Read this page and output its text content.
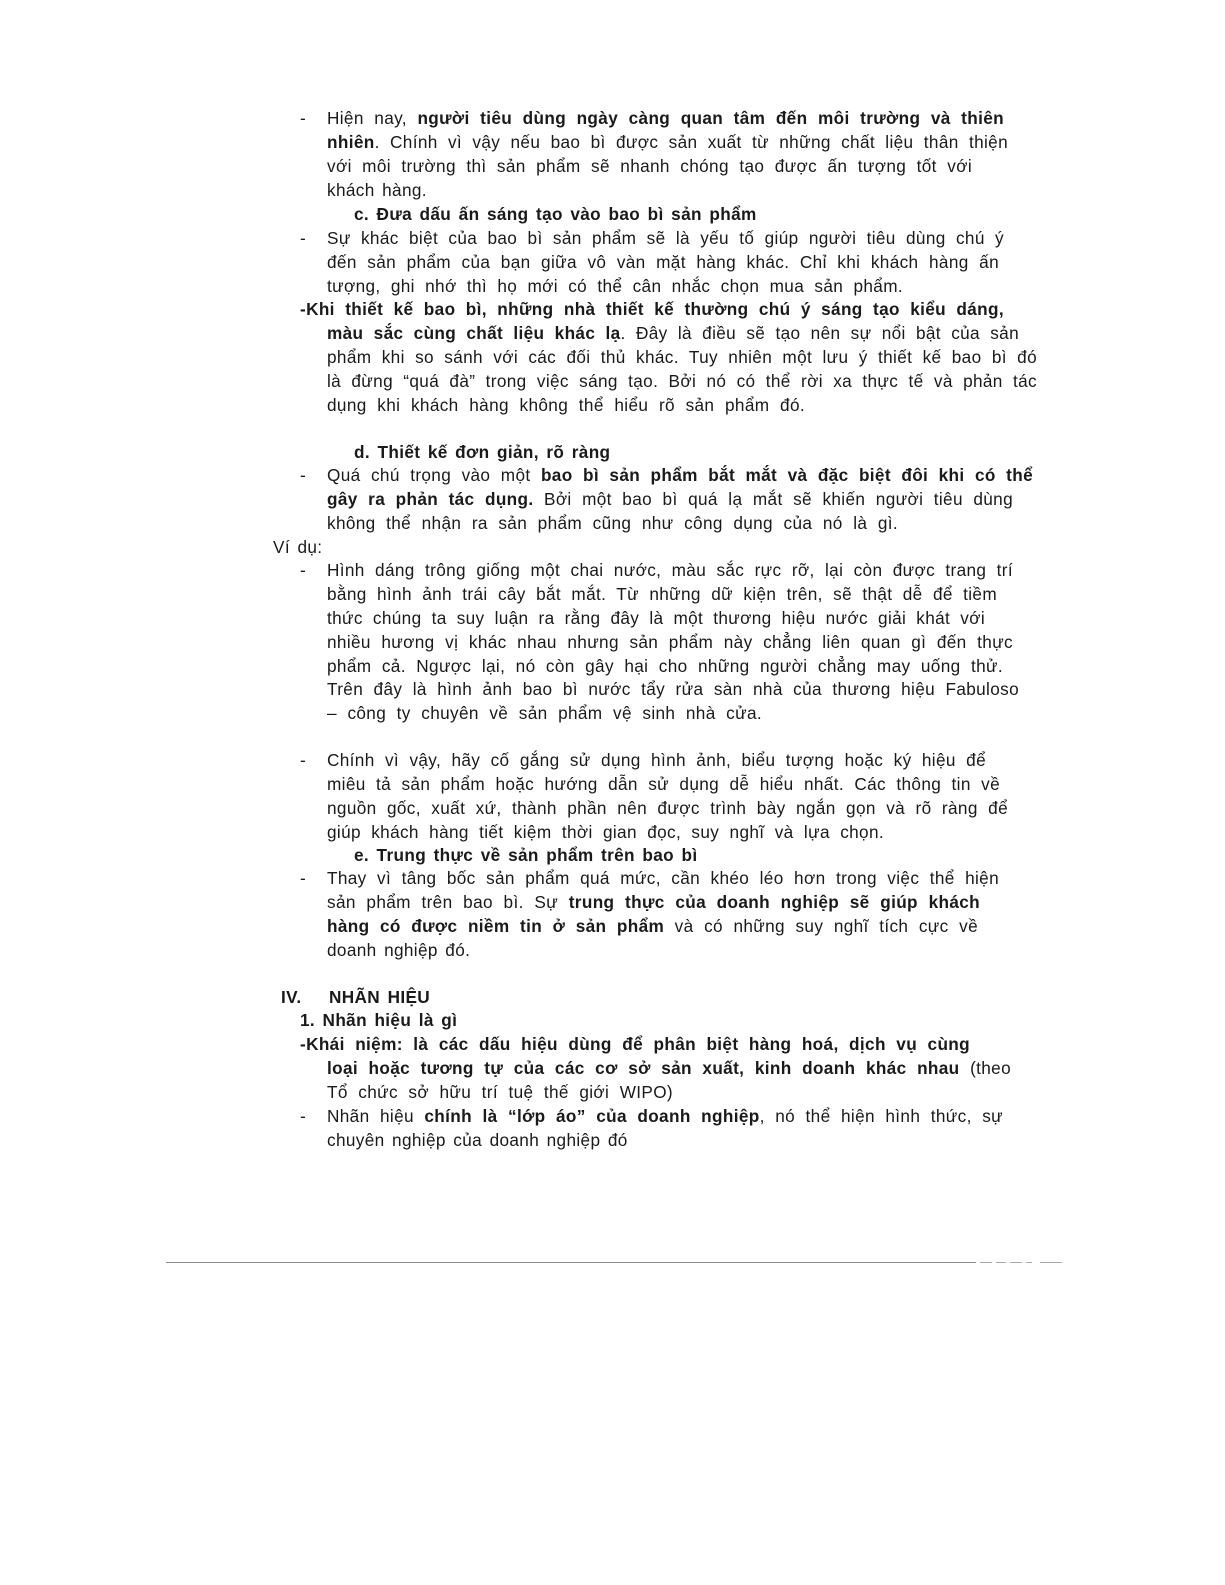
-	Hiện nay, người tiêu dùng ngày càng quan tâm đến môi trường và thiên
nhiên. Chính vì vậy nếu bao bì được sản xuất từ những chất liệu thân thiện
với môi trường thì sản phẩm sẽ nhanh chóng tạo được ấn tượng tốt với
khách hàng.
c. Đưa dấu ấn sáng tạo vào bao bì sản phẩm
-	Sự khác biệt của bao bì sản phẩm sẽ là yếu tố giúp người tiêu dùng chú ý
đến sản phẩm của bạn giữa vô vàn mặt hàng khác. Chỉ khi khách hàng ấn
tượng, ghi nhớ thì họ mới có thể cân nhắc chọn mua sản phẩm.
-Khi thiết kế bao bì, những nhà thiết kế thường chú ý sáng tạo kiểu dáng,
màu sắc cùng chất liệu khác lạ. Đây là điều sẽ tạo nên sự nổi bật của sản
phẩm khi so sánh với các đối thủ khác. Tuy nhiên một lưu ý thiết kế bao bì đó
là đừng “quá đà” trong việc sáng tạo. Bởi nó có thể rời xa thực tế và phản tác
dụng khi khách hàng không thể hiểu rõ sản phẩm đó.
d. Thiết kế đơn giản, rõ ràng
-	Quá chú trọng vào một bao bì sản phẩm bắt mắt và đặc biệt đôi khi có thể
gây ra phản tác dụng. Bởi một bao bì quá lạ mắt sẽ khiến người tiêu dùng
không thể nhận ra sản phẩm cũng như công dụng của nó là gì.
Ví dụ:
-	Hình dáng trông giống một chai nước, màu sắc rực rỡ, lại còn được trang trí
bằng hình ảnh trái cây bắt mắt. Từ những dữ kiện trên, sẽ thật dễ để tiềm
thức chúng ta suy luận ra rằng đây là một thương hiệu nước giải khát với
nhiều hương vị khác nhau nhưng sản phẩm này chẳng liên quan gì đến thực
phẩm cả. Ngược lại, nó còn gây hại cho những người chẳng may uống thử.
Trên đây là hình ảnh bao bì nước tẩy rửa sàn nhà của thương hiệu Fabuloso
– công ty chuyên về sản phẩm vệ sinh nhà cửa.
-	Chính vì vậy, hãy cố gắng sử dụng hình ảnh, biểu tượng hoặc ký hiệu để
miêu tả sản phẩm hoặc hướng dẫn sử dụng dễ hiểu nhất. Các thông tin về
nguồn gốc, xuất xứ, thành phần nên được trình bày ngắn gọn và rõ ràng để
giúp khách hàng tiết kiệm thời gian đọc, suy nghĩ và lựa chọn.
e. Trung thực về sản phẩm trên bao bì
-	Thay vì tâng bốc sản phẩm quá mức, cần khéo léo hơn trong việc thể hiện
sản phẩm trên bao bì. Sự trung thực của doanh nghiệp sẽ giúp khách
hàng có được niềm tin ở sản phẩm và có những suy nghĩ tích cực về
doanh nghiệp đó.
IV. NHÃN HIỆU
1. Nhãn hiệu là gì
-Khái niệm: là các dấu hiệu dùng để phân biệt hàng hoá, dịch vụ cùng
loại hoặc tương tự của các cơ sở sản xuất, kinh doanh khác nhau (theo
Tổ chức sở hữu trí tuệ thế giới WIPO)
-	Nhãn hiệu chính là “lớp áo” của doanh nghiệp, nó thể hiện hình thức, sự
chuyên nghiệp của doanh nghiệp đó
